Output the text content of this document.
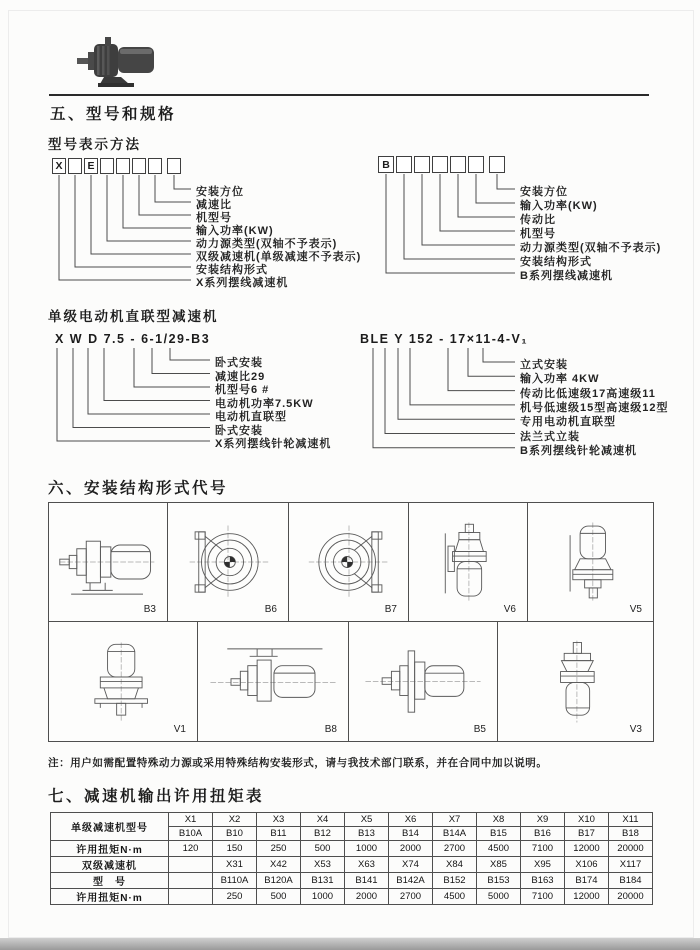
五、型号和规格
型号表示方法
X	E
安装方位
减速比
机型号
输入功率(KW)
动力源类型(双轴不予表示)
双级减速机(单级减速不予表示)
安装结构形式
X系列摆线减速机
B
安装方位
输入功率(KW)
传动比
机型号
动力源类型(双轴不予表示)
安装结构形式
B系列摆线减速机
单级电动机直联型减速机
X W D 7.5 - 6-1/29-B3
卧式安装
减速比29
机型号6 #
电动机功率7.5KW
电动机直联型
卧式安装
X系列摆线针轮减速机
BLE Y 152 - 17×11-4-V₁
立式安装
输入功率 4KW
传动比低速级17高速级11
机号低速级15型高速级12型
专用电动机直联型
法兰式立装
B系列摆线针轮减速机
六、安装结构形式代号
B3	B6	B7	V6	V5
V1	B8	B5	V3
注：用户如需配置特殊动力源或采用特殊结构安装形式，请与我技术部门联系，并在合同中加以说明。
七、减速机输出许用扭矩表
单级减速机型号	X1	X2	X3	X4	X5	X6	X7	X8	X9	X10	X11
	B10A	B10	B11	B12	B13	B14	B14A	B15	B16	B17	B18
许用扭矩N·m	120	150	250	500	1000	2000	2700	4500	7100	12000	20000
双级减速机		X31	X42	X53	X63	X74	X84	X85	X95	X106	X117
型　号		B110A	B120A	B131	B141	B142A	B152	B153	B163	B174	B184
许用扭矩N·m		250	500	1000	2000	2700	4500	5000	7100	12000	20000
